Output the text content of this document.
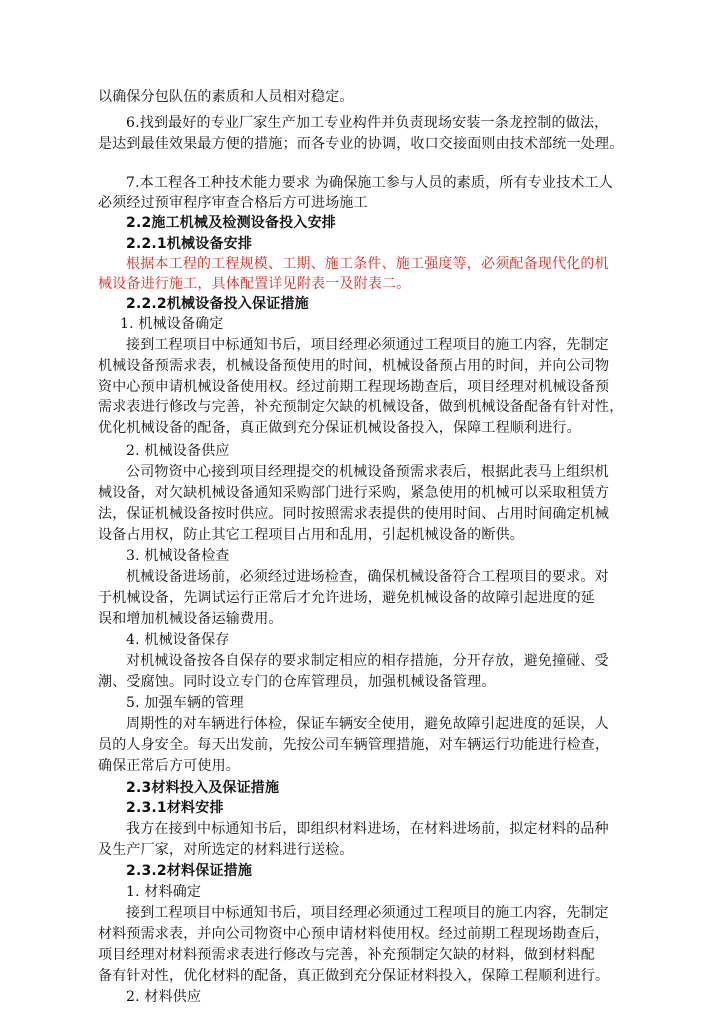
以确保分包队伍的素质和人员相对稳定。
6.找到最好的专业厂家生产加工专业构件并负责现场安装一条龙控制的做法，
是达到最佳效果最方便的措施；而各专业的协调，收口交接面则由技术部统一处理。
7.本工程各工种技术能力要求 为确保施工参与人员的素质，所有专业技术工人
必须经过预审程序审查合格后方可进场施工
2.2施工机械及检测设备投入安排
2.2.1机械设备安排
根据本工程的工程规模、工期、施工条件、施工强度等，必须配备现代化的机
械设备进行施工，具体配置详见附表一及附表二。
2.2.2机械设备投入保证措施
1. 机械设备确定
接到工程项目中标通知书后，项目经理必须通过工程项目的施工内容，先制定
机械设备预需求表，机械设备预使用的时间，机械设备预占用的时间，并向公司物
资中心预申请机械设备使用权。经过前期工程现场勘查后，项目经理对机械设备预
需求表进行修改与完善，补充预制定欠缺的机械设备，做到机械设备配备有针对性，
优化机械设备的配备，真正做到充分保证机械设备投入，保障工程顺利进行。
2. 机械设备供应
公司物资中心接到项目经理提交的机械设备预需求表后，根据此表马上组织机
械设备，对欠缺机械设备通知采购部门进行采购，紧急使用的机械可以采取租赁方
法，保证机械设备按时供应。同时按照需求表提供的使用时间、占用时间确定机械
设备占用权，防止其它工程项目占用和乱用，引起机械设备的断供。
3. 机械设备检查
机械设备进场前，必须经过进场检查，确保机械设备符合工程项目的要求。对
于机械设备，先调试运行正常后才允许进场，避免机械设备的故障引起进度的延
误和增加机械设备运输费用。
4. 机械设备保存
对机械设备按各自保存的要求制定相应的相存措施，分开存放，避免撞碰、受
潮、受腐蚀。同时设立专门的仓库管理员，加强机械设备管理。
5. 加强车辆的管理
周期性的对车辆进行体检，保证车辆安全使用，避免故障引起进度的延误，人
员的人身安全。每天出发前，先按公司车辆管理措施，对车辆运行功能进行检查，
确保正常后方可使用。
2.3材料投入及保证措施
2.3.1材料安排
我方在接到中标通知书后，即组织材料进场，在材料进场前，拟定材料的品种
及生产厂家，对所选定的材料进行送检。
2.3.2材料保证措施
1. 材料确定
接到工程项目中标通知书后，项目经理必须通过工程项目的施工内容，先制定
材料预需求表，并向公司物资中心预申请材料使用权。经过前期工程现场勘查后，
项目经理对材料预需求表进行修改与完善，补充预制定欠缺的材料，做到材料配
备有针对性，优化材料的配备，真正做到充分保证材料投入，保障工程顺利进行。
2. 材料供应
